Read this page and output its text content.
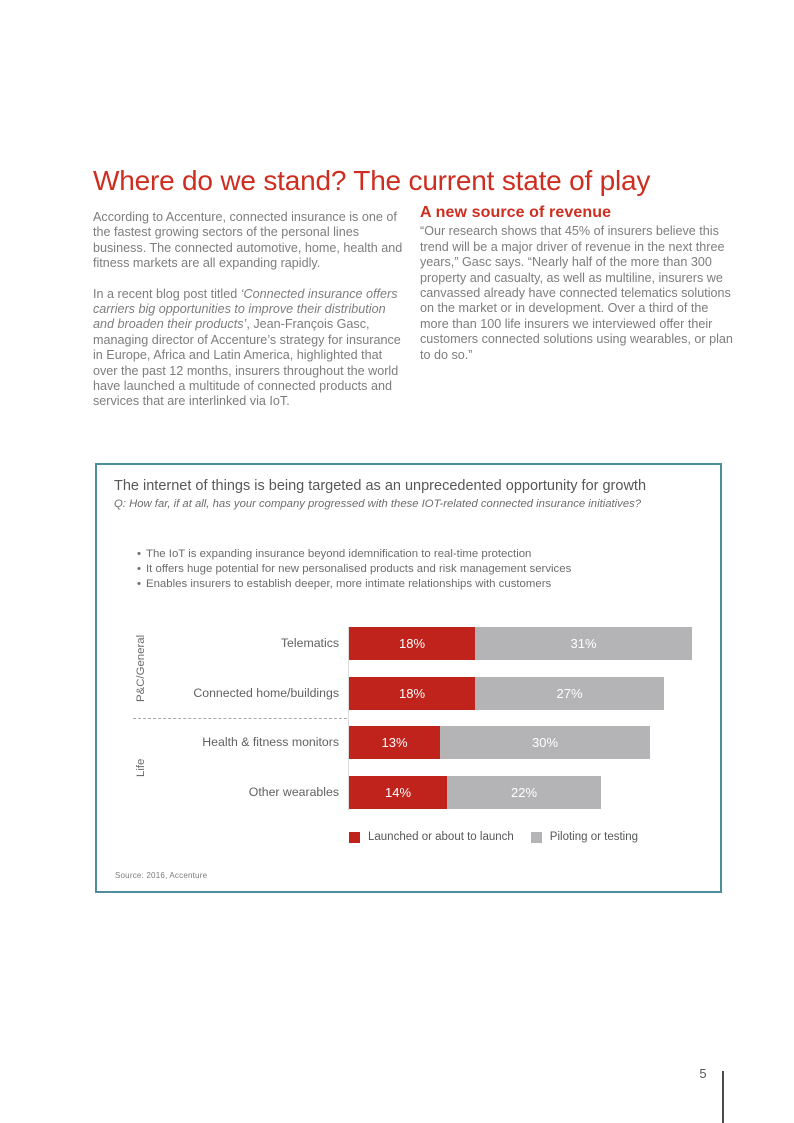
Where do we stand? The current state of play

According to Accenture, connected insurance is one of the fastest growing sectors of the personal lines business. The connected automotive, home, health and fitness markets are all expanding rapidly.

In a recent blog post titled ‘Connected insurance offers carriers big opportunities to improve their distribution and broaden their products’, Jean-François Gasc, managing director of Accenture’s strategy for insurance in Europe, Africa and Latin America, highlighted that over the past 12 months, insurers throughout the world have launched a multitude of connected products and services that are interlinked via IoT.

A new source of revenue

“Our research shows that 45% of insurers believe this trend will be a major driver of revenue in the next three years,” Gasc says. “Nearly half of the more than 300 property and casualty, as well as multiline, insurers we canvassed already have connected telematics solutions on the market or in development. Over a third of the more than 100 life insurers we interviewed offer their customers connected solutions using wearables, or plan to do so.”

The internet of things is being targeted as an unprecedented opportunity for growth
Q: How far, if at all, has your company progressed with these IOT-related connected insurance initiatives?
• The IoT is expanding insurance beyond idemnification to real-time protection
• It offers huge potential for new personalised products and risk management services
• Enables insurers to establish deeper, more intimate relationships with customers
P&C/General
Life
Telematics	18%	31%
Connected home/buildings	18%	27%
Health & fitness monitors	13%	30%
Other wearables	14%	22%
Launched or about to launch	Piloting or testing
Source: 2016, Accenture
5
